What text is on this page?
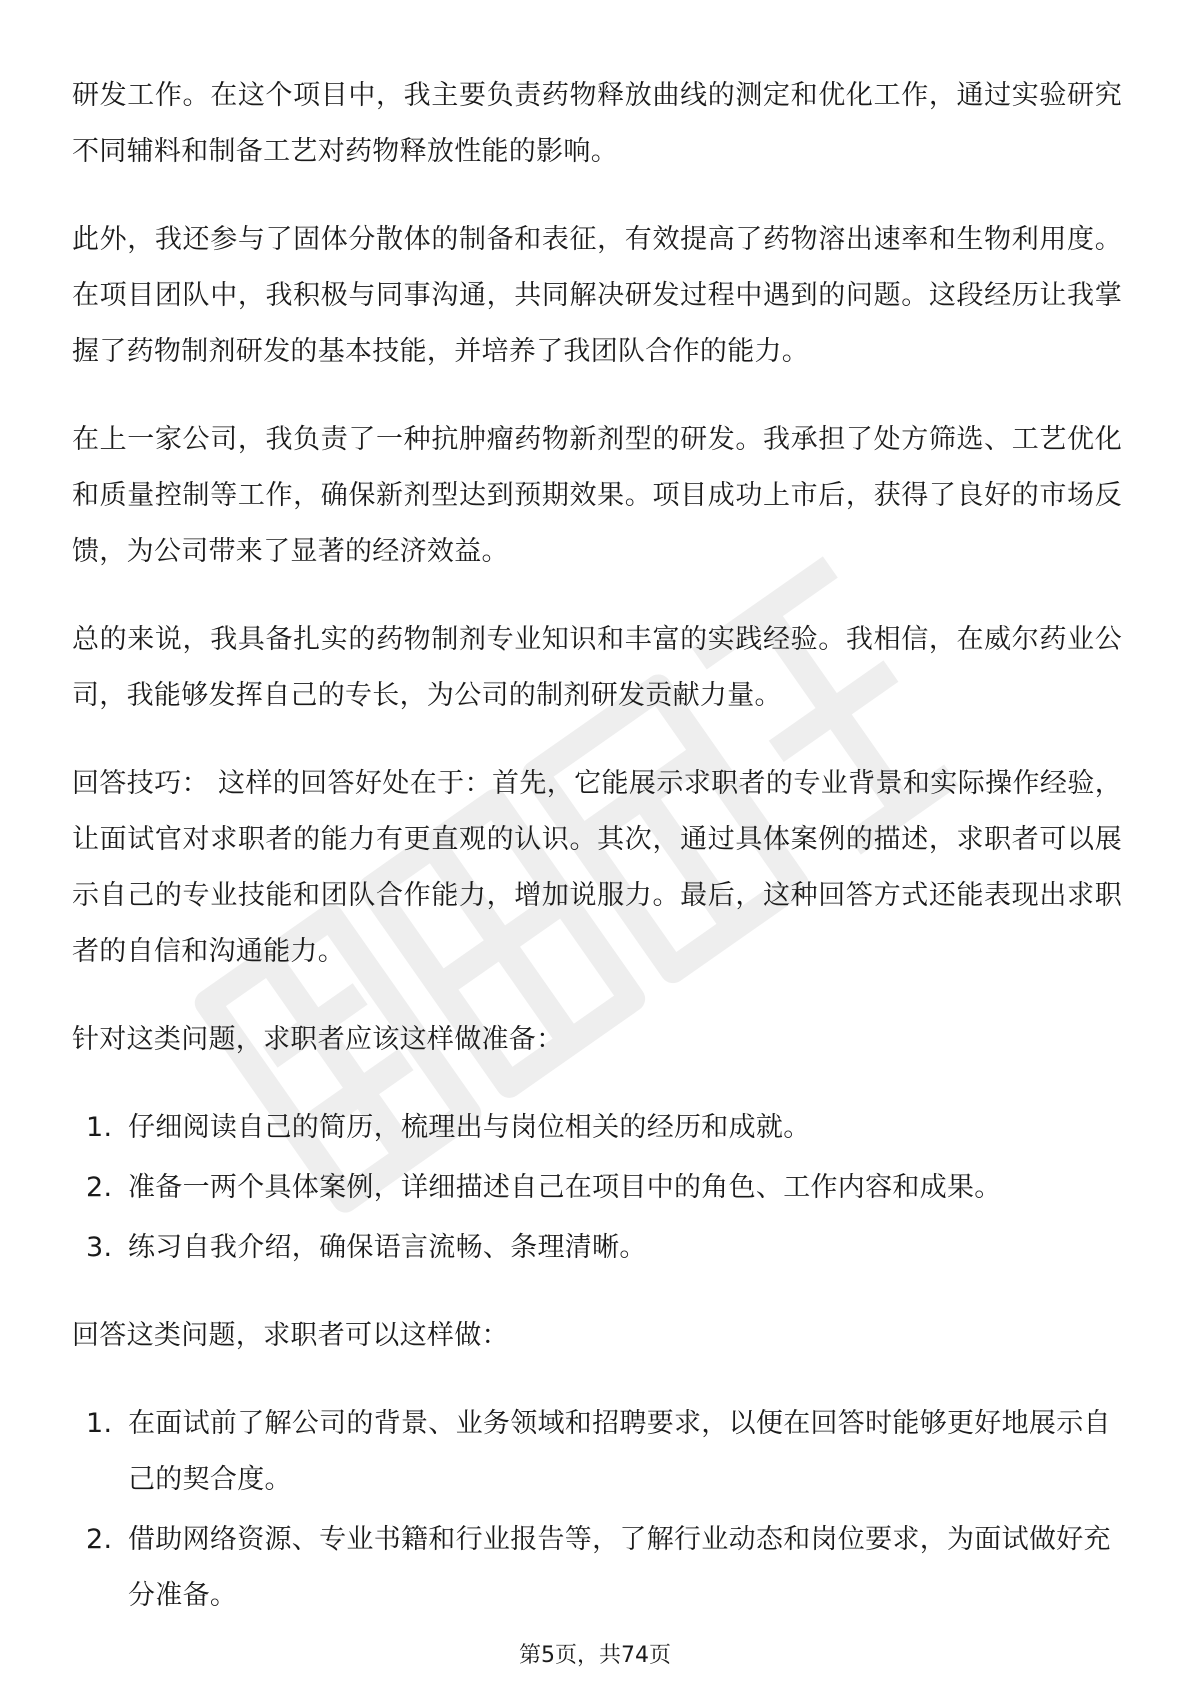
研发工作。在这个项目中，我主要负责药物释放曲线的测定和优化工作，通过实验研究不同辅料和制备工艺对药物释放性能的影响。

此外，我还参与了固体分散体的制备和表征，有效提高了药物溶出速率和生物利用度。在项目团队中，我积极与同事沟通，共同解决研发过程中遇到的问题。这段经历让我掌握了药物制剂研发的基本技能，并培养了我团队合作的能力。

在上一家公司，我负责了一种抗肿瘤药物新剂型的研发。我承担了处方筛选、工艺优化和质量控制等工作，确保新剂型达到预期效果。项目成功上市后，获得了良好的市场反馈，为公司带来了显著的经济效益。

总的来说，我具备扎实的药物制剂专业知识和丰富的实践经验。我相信，在威尔药业公司，我能够发挥自己的专长，为公司的制剂研发贡献力量。

回答技巧： 这样的回答好处在于：首先，它能展示求职者的专业背景和实际操作经验，让面试官对求职者的能力有更直观的认识。其次，通过具体案例的描述，求职者可以展示自己的专业技能和团队合作能力，增加说服力。最后，这种回答方式还能表现出求职者的自信和沟通能力。

针对这类问题，求职者应该这样做准备：

1. 仔细阅读自己的简历，梳理出与岗位相关的经历和成就。
2. 准备一两个具体案例，详细描述自己在项目中的角色、工作内容和成果。
3. 练习自我介绍，确保语言流畅、条理清晰。

回答这类问题，求职者可以这样做：

1. 在面试前了解公司的背景、业务领域和招聘要求，以便在回答时能够更好地展示自己的契合度。
2. 借助网络资源、专业书籍和行业报告等，了解行业动态和岗位要求，为面试做好充分准备。
第5页，共74页
